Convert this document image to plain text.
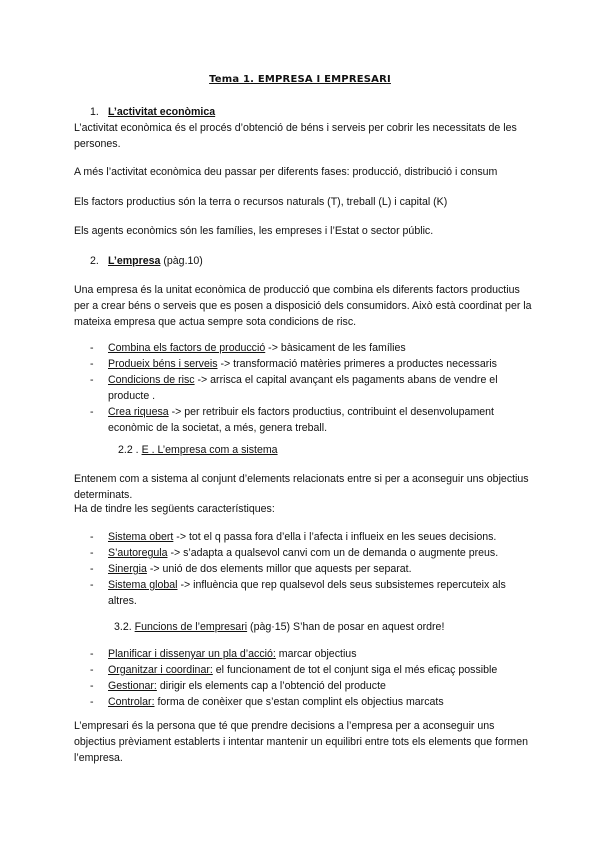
Tema 1. EMPRESA I EMPRESARI
1. L’activitat econòmica
L’activitat econòmica és el procés d’obtenció de béns i serveis per cobrir les necessitats de les persones.
A més l’activitat econòmica deu passar per diferents fases: producció, distribució i consum
Els factors productius són la terra o recursos naturals (T), treball (L) i capital (K)
Els agents econòmics són les famílies, les empreses i l’Estat o sector públic.
2. L’empresa (pàg.10)
Una empresa és la unitat econòmica de producció que combina els diferents factors productius per a crear béns o serveis que es posen a disposició dels consumidors. Això està coordinat per la mateixa empresa que actua sempre sota condicions de risc.
- Combina els factors de producció -> bàsicament de les famílies
- Produeix béns i serveis -> transformació matèries primeres a productes necessaris
- Condicions de risc -> arrisca el capital avançant els pagaments abans de vendre el producte .
- Crea riquesa -> per retribuir els factors productius, contribuint el desenvolupament econòmic de la societat, a més, genera treball.
2.2 . E . L’empresa com a sistema
Entenem com a sistema al conjunt d’elements relacionats entre si per a aconseguir uns objectius determinats.
Ha de tindre les següents característiques:
- Sistema obert -> tot el q passa fora d’ella i l’afecta i influeix en les seues decisions.
- S’autoregula -> s’adapta a qualsevol canvi com un de demanda o augmente preus.
- Sinergia -> unió de dos elements millor que aquests per separat.
- Sistema global -> influència que rep qualsevol dels seus subsistemes repercuteix als altres.
3.2. Funcions de l’empresari (pàg·15) S’han de posar en aquest ordre!
- Planificar i dissenyar un pla d’acció: marcar objectius
- Organitzar i coordinar: el funcionament de tot el conjunt siga el més eficaç possible
- Gestionar: dirigir els elements cap a l’obtenció del producte
- Controlar: forma de conèixer que s’estan complint els objectius marcats
L’empresari és la persona que té que prendre decisions a l’empresa per a aconseguir uns objectius prèviament establerts i intentar mantenir un equilibri entre tots els elements que formen l’empresa.
